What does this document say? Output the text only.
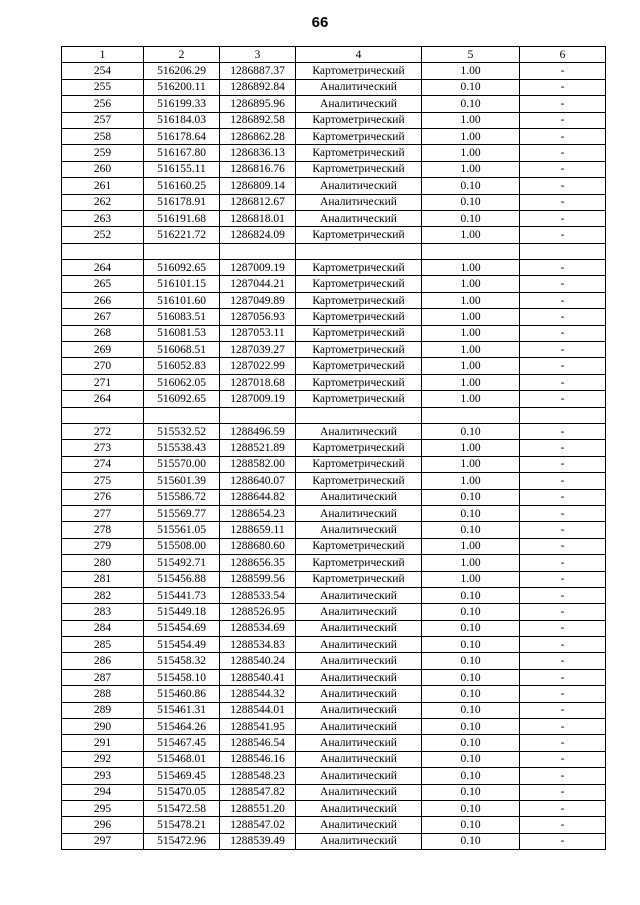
66
1	2	3	4	5	6
254	516206.29	1286887.37	Картометрический	1.00	-
255	516200.11	1286892.84	Аналитический	0.10	-
256	516199.33	1286895.96	Аналитический	0.10	-
257	516184.03	1286892.58	Картометрический	1.00	-
258	516178.64	1286862.28	Картометрический	1.00	-
259	516167.80	1286836.13	Картометрический	1.00	-
260	516155.11	1286816.76	Картометрический	1.00	-
261	516160.25	1286809.14	Аналитический	0.10	-
262	516178.91	1286812.67	Аналитический	0.10	-
263	516191.68	1286818.01	Аналитический	0.10	-
252	516221.72	1286824.09	Картометрический	1.00	-

264	516092.65	1287009.19	Картометрический	1.00	-
265	516101.15	1287044.21	Картометрический	1.00	-
266	516101.60	1287049.89	Картометрический	1.00	-
267	516083.51	1287056.93	Картометрический	1.00	-
268	516081.53	1287053.11	Картометрический	1.00	-
269	516068.51	1287039.27	Картометрический	1.00	-
270	516052.83	1287022.99	Картометрический	1.00	-
271	516062.05	1287018.68	Картометрический	1.00	-
264	516092.65	1287009.19	Картометрический	1.00	-

272	515532.52	1288496.59	Аналитический	0.10	-
273	515538.43	1288521.89	Картометрический	1.00	-
274	515570.00	1288582.00	Картометрический	1.00	-
275	515601.39	1288640.07	Картометрический	1.00	-
276	515586.72	1288644.82	Аналитический	0.10	-
277	515569.77	1288654.23	Аналитический	0.10	-
278	515561.05	1288659.11	Аналитический	0.10	-
279	515508.00	1288680.60	Картометрический	1.00	-
280	515492.71	1288656.35	Картометрический	1.00	-
281	515456.88	1288599.56	Картометрический	1.00	-
282	515441.73	1288533.54	Аналитический	0.10	-
283	515449.18	1288526.95	Аналитический	0.10	-
284	515454.69	1288534.69	Аналитический	0.10	-
285	515454.49	1288534.83	Аналитический	0.10	-
286	515458.32	1288540.24	Аналитический	0.10	-
287	515458.10	1288540.41	Аналитический	0.10	-
288	515460.86	1288544.32	Аналитический	0.10	-
289	515461.31	1288544.01	Аналитический	0.10	-
290	515464.26	1288541.95	Аналитический	0.10	-
291	515467.45	1288546.54	Аналитический	0.10	-
292	515468.01	1288546.16	Аналитический	0.10	-
293	515469.45	1288548.23	Аналитический	0.10	-
294	515470.05	1288547.82	Аналитический	0.10	-
295	515472.58	1288551.20	Аналитический	0.10	-
296	515478.21	1288547.02	Аналитический	0.10	-
297	515472.96	1288539.49	Аналитический	0.10	-
